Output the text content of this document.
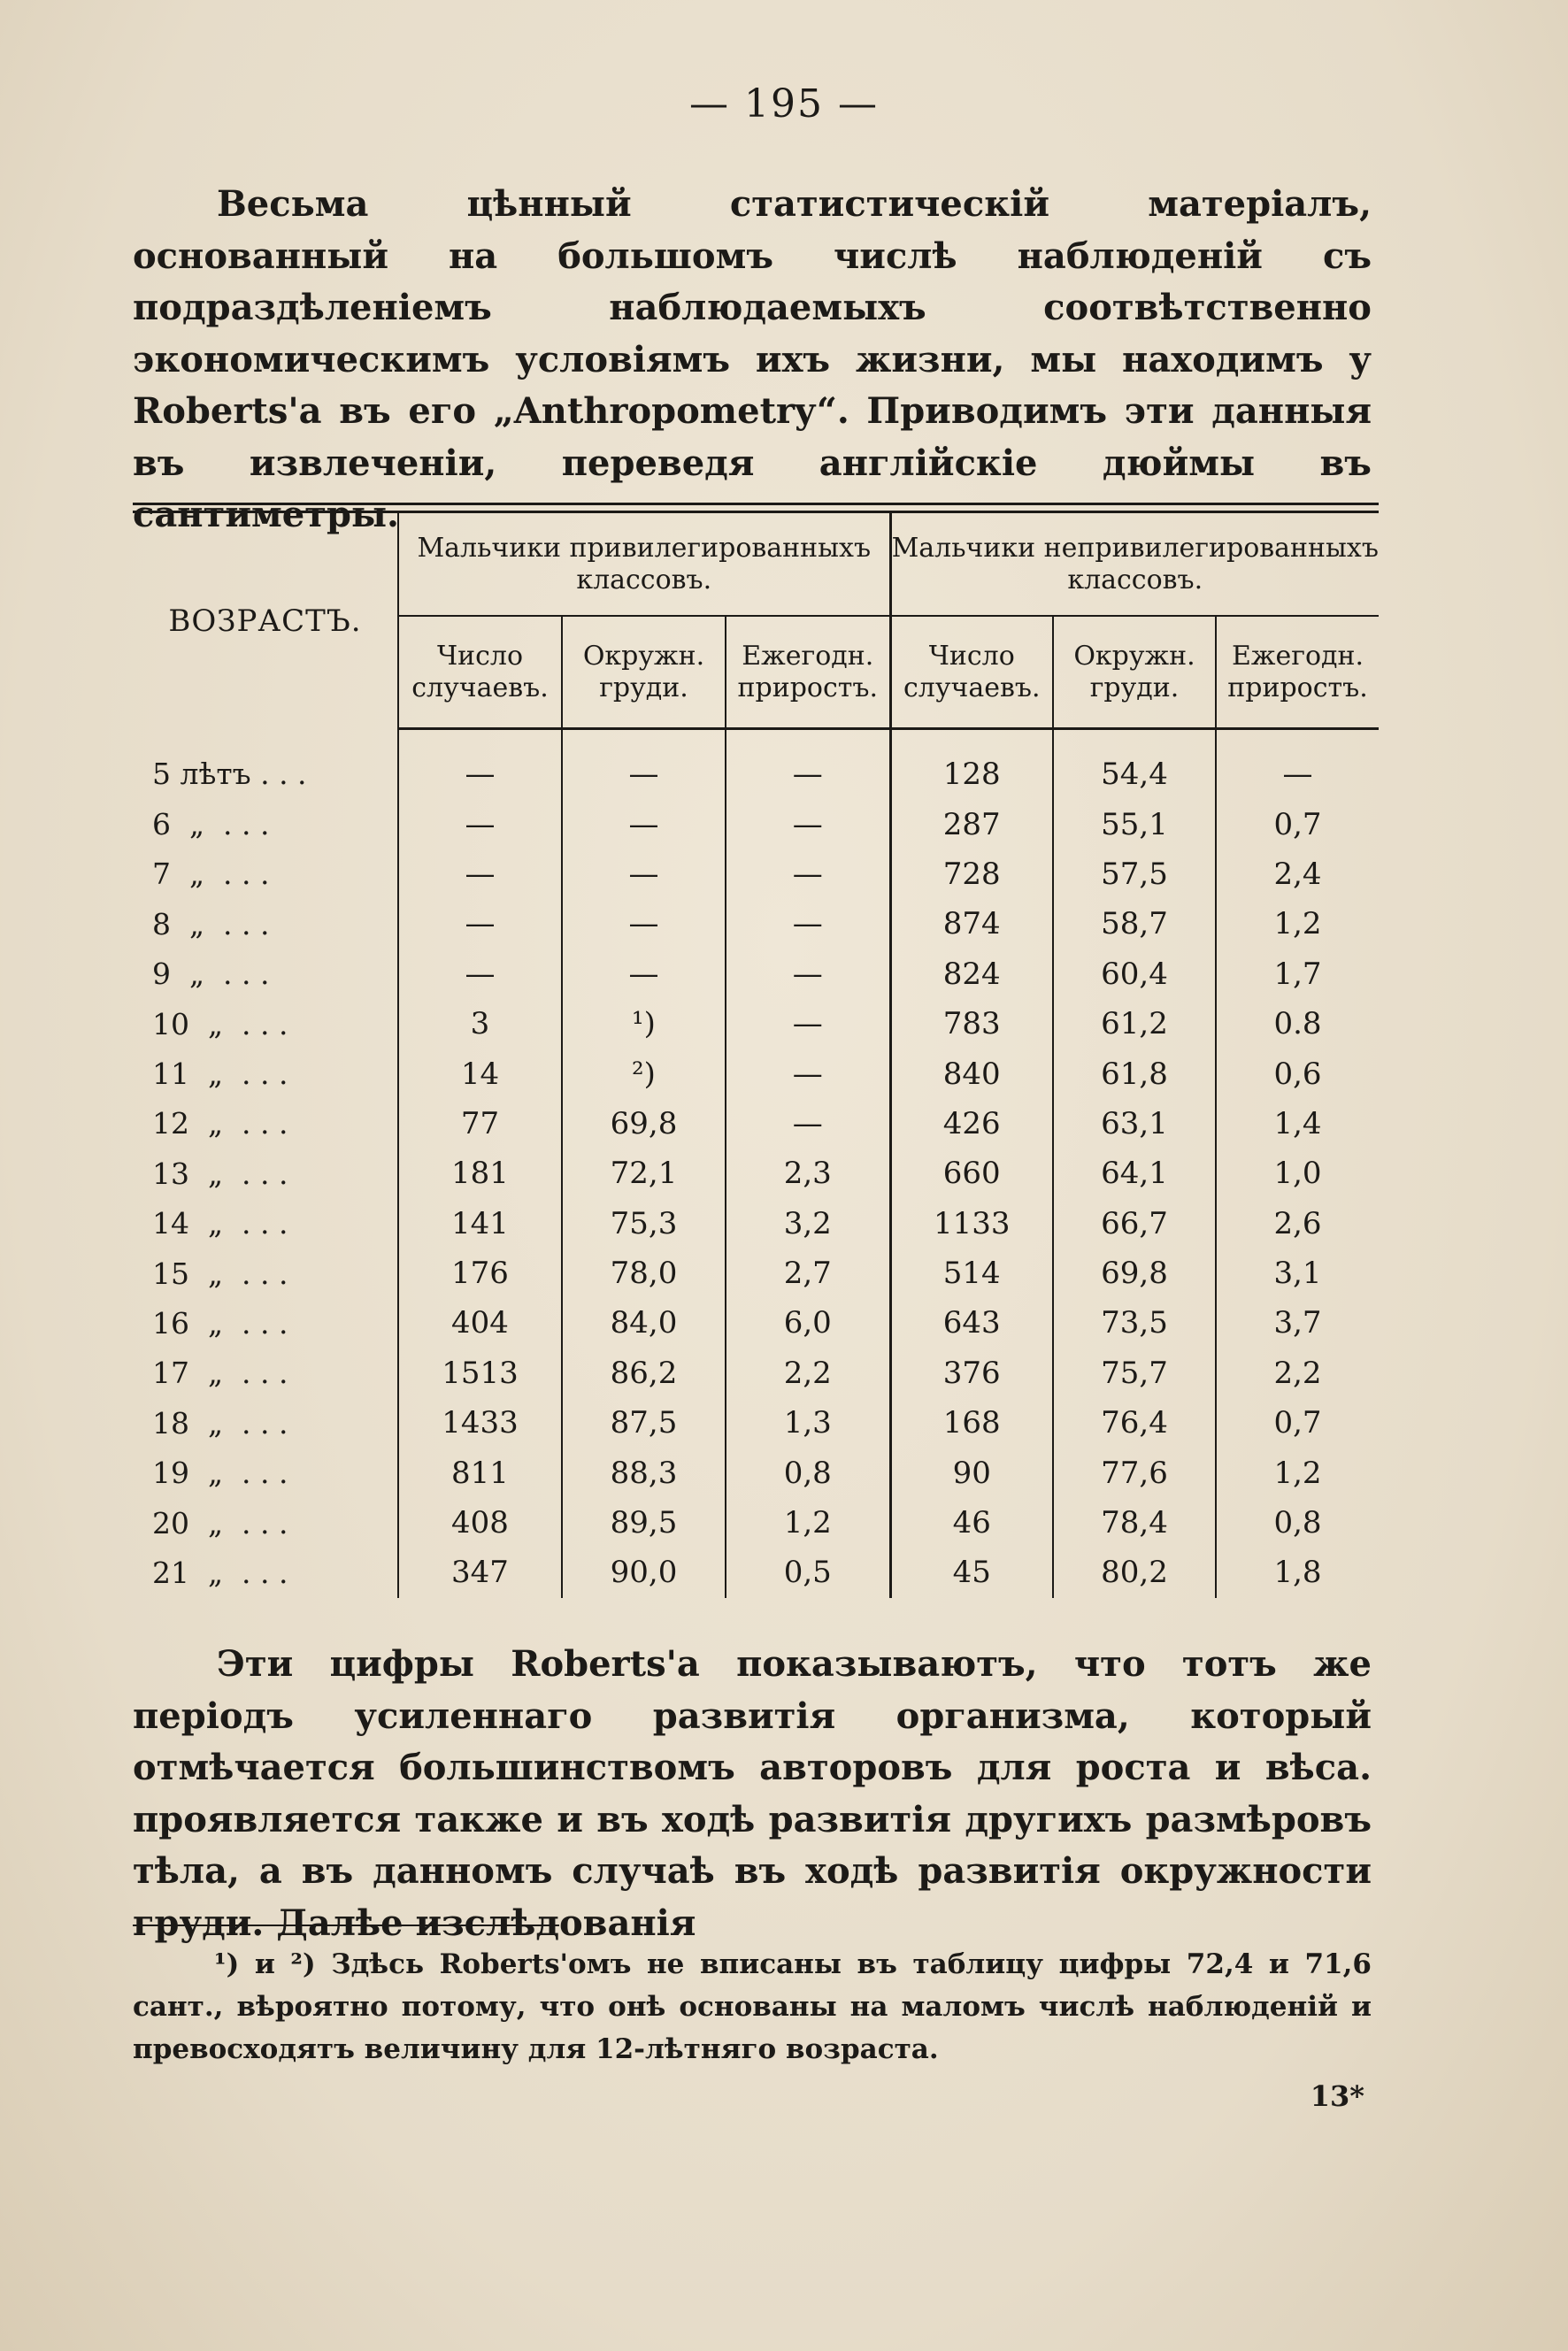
— 195 —
Весьма цѣнный статистическій матеріалъ, основанный на большомъ числѣ наблюденій съ подраздѣленіемъ наблюдаемыхъ соотвѣтственно экономическимъ условіямъ ихъ жизни, мы находимъ у Roberts'а въ его „Anthropometry“. Приводимъ эти данныя въ извлеченіи, переведя англійскіе дюймы въ сантиметры.
ВОЗРАСТЪ.	Мальчики привилегированныхъ классовъ.			Мальчики непривилегированныхъ классовъ.		
	Число случаевъ.	Окружн. груди.	Ежегодн. приростъ.	Число случаевъ.	Окружн. груди.	Ежегодн. приростъ.
5 лѣтъ . . .	—	—	—	128	54,4	—
6  „  . . .	—	—	—	287	55,1	0,7
7  „  . . .	—	—	—	728	57,5	2,4
8  „  . . .	—	—	—	874	58,7	1,2
9  „  . . .	—	—	—	824	60,4	1,7
10  „  . . .	3	¹)	—	783	61,2	0.8
11  „  . . .	14	²)	—	840	61,8	0,6
12  „  . . .	77	69,8	—	426	63,1	1,4
13  „  . . .	181	72,1	2,3	660	64,1	1,0
14  „  . . .	141	75,3	3,2	1133	66,7	2,6
15  „  . . .	176	78,0	2,7	514	69,8	3,1
16  „  . . .	404	84,0	6,0	643	73,5	3,7
17  „  . . .	1513	86,2	2,2	376	75,7	2,2
18  „  . . .	1433	87,5	1,3	168	76,4	0,7
19  „  . . .	811	88,3	0,8	90	77,6	1,2
20  „  . . .	408	89,5	1,2	46	78,4	0,8
21  „  . . .	347	90,0	0,5	45	80,2	1,8
Эти цифры Roberts'а показываютъ, что тотъ же періодъ усиленнаго развитія организма, который отмѣчается большинствомъ авторовъ для роста и вѣса. проявляется также и въ ходѣ развитія другихъ размѣровъ тѣла, а въ данномъ случаѣ въ ходѣ развитія окружности груди. Далѣе изслѣдованія
¹) и ²) Здѣсь Roberts'омъ не вписаны въ таблицу цифры 72,4 и 71,6 сант., вѣроятно потому, что онѣ основаны на маломъ числѣ наблюденій и превосходятъ величину для 12-лѣтняго возраста.
13*
